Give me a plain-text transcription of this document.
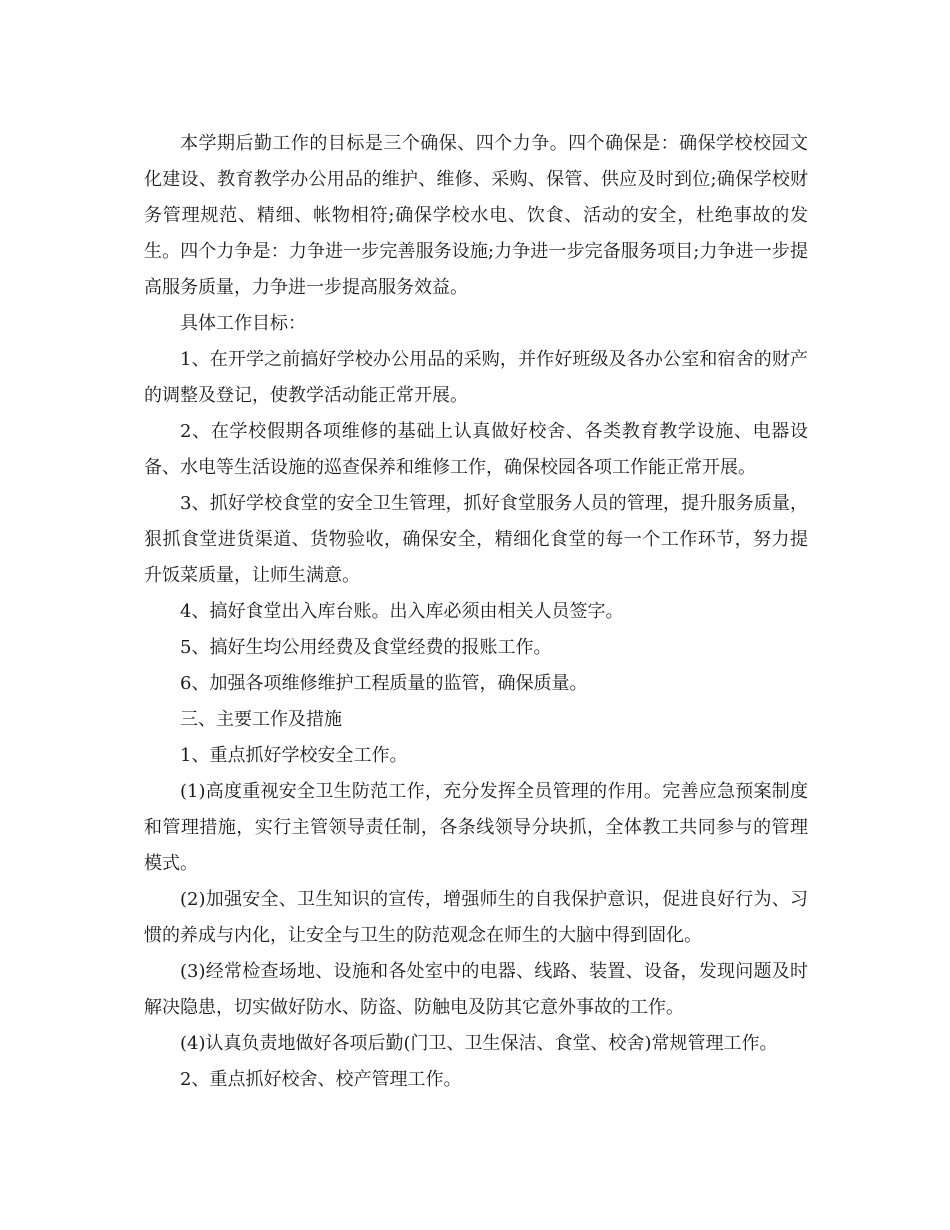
本学期后勤工作的目标是三个确保、四个力争。四个确保是：确保学校校园文化建设、教育教学办公用品的维护、维修、采购、保管、供应及时到位;确保学校财务管理规范、精细、帐物相符;确保学校水电、饮食、活动的安全，杜绝事故的发生。四个力争是：力争进一步完善服务设施;力争进一步完备服务项目;力争进一步提高服务质量，力争进一步提高服务效益。

具体工作目标：

1、在开学之前搞好学校办公用品的采购，并作好班级及各办公室和宿舍的财产的调整及登记，使教学活动能正常开展。

2、在学校假期各项维修的基础上认真做好校舍、各类教育教学设施、电器设备、水电等生活设施的巡查保养和维修工作，确保校园各项工作能正常开展。

3、抓好学校食堂的安全卫生管理，抓好食堂服务人员的管理，提升服务质量，狠抓食堂进货渠道、货物验收，确保安全，精细化食堂的每一个工作环节，努力提升饭菜质量，让师生满意。

4、搞好食堂出入库台账。出入库必须由相关人员签字。

5、搞好生均公用经费及食堂经费的报账工作。

6、加强各项维修维护工程质量的监管，确保质量。

三、主要工作及措施

1、重点抓好学校安全工作。

(1)高度重视安全卫生防范工作，充分发挥全员管理的作用。完善应急预案制度和管理措施，实行主管领导责任制，各条线领导分块抓，全体教工共同参与的管理模式。

(2)加强安全、卫生知识的宣传，增强师生的自我保护意识，促进良好行为、习惯的养成与内化，让安全与卫生的防范观念在师生的大脑中得到固化。

(3)经常检查场地、设施和各处室中的电器、线路、装置、设备，发现问题及时解决隐患，切实做好防水、防盗、防触电及防其它意外事故的工作。

(4)认真负责地做好各项后勤(门卫、卫生保洁、食堂、校舍)常规管理工作。

2、重点抓好校舍、校产管理工作。
